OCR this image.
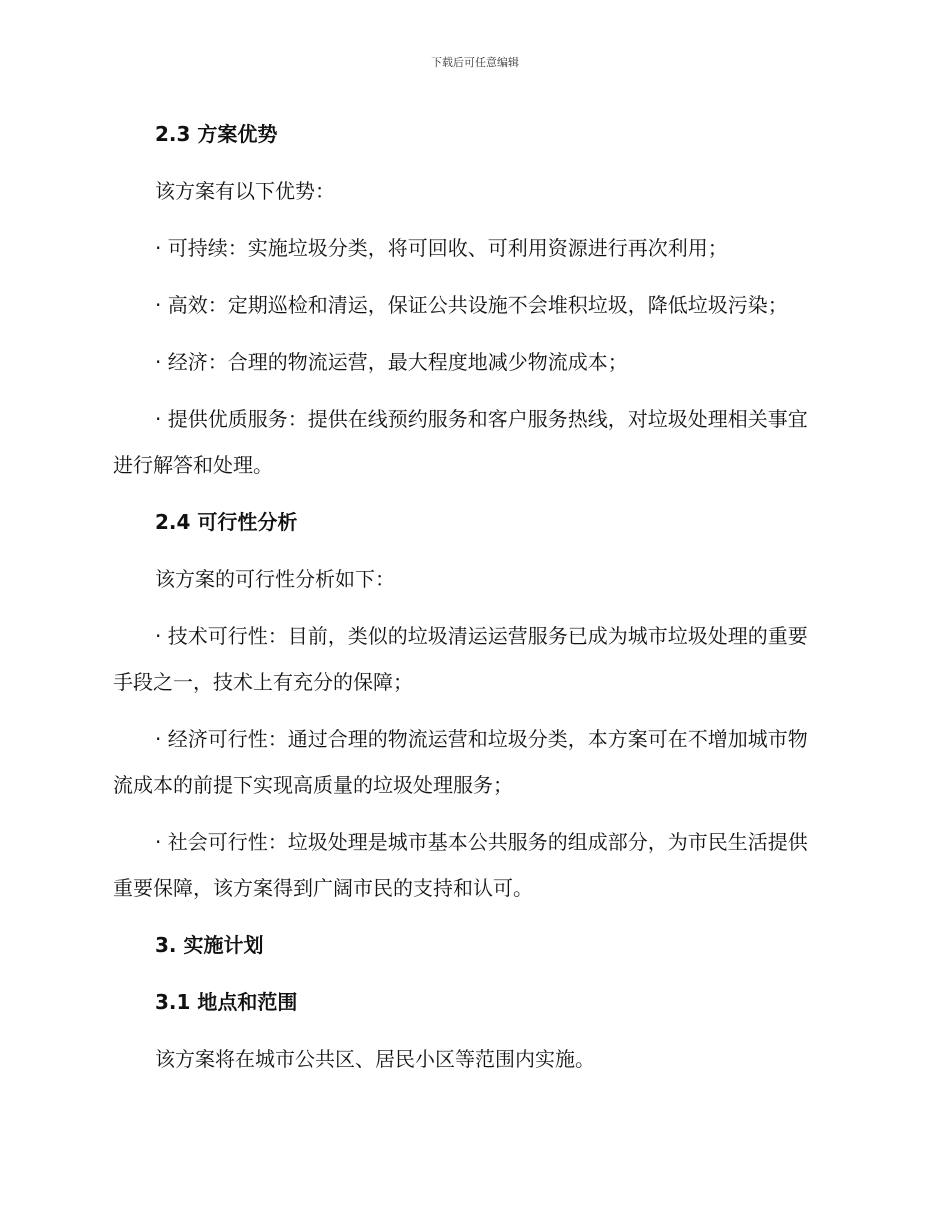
下载后可任意编辑
2.3 方案优势

该方案有以下优势：

· 可持续：实施垃圾分类，将可回收、可利用资源进行再次利用；

· 高效：定期巡检和清运，保证公共设施不会堆积垃圾，降低垃圾污染；

· 经济：合理的物流运营，最大程度地减少物流成本；

· 提供优质服务：提供在线预约服务和客户服务热线，对垃圾处理相关事宜进行解答和处理。

2.4 可行性分析

该方案的可行性分析如下：

· 技术可行性：目前，类似的垃圾清运运营服务已成为城市垃圾处理的重要手段之一，技术上有充分的保障；

· 经济可行性：通过合理的物流运营和垃圾分类，本方案可在不增加城市物流成本的前提下实现高质量的垃圾处理服务；

· 社会可行性：垃圾处理是城市基本公共服务的组成部分，为市民生活提供重要保障，该方案得到广阔市民的支持和认可。

3. 实施计划
3.1 地点和范围

该方案将在城市公共区、居民小区等范围内实施。
